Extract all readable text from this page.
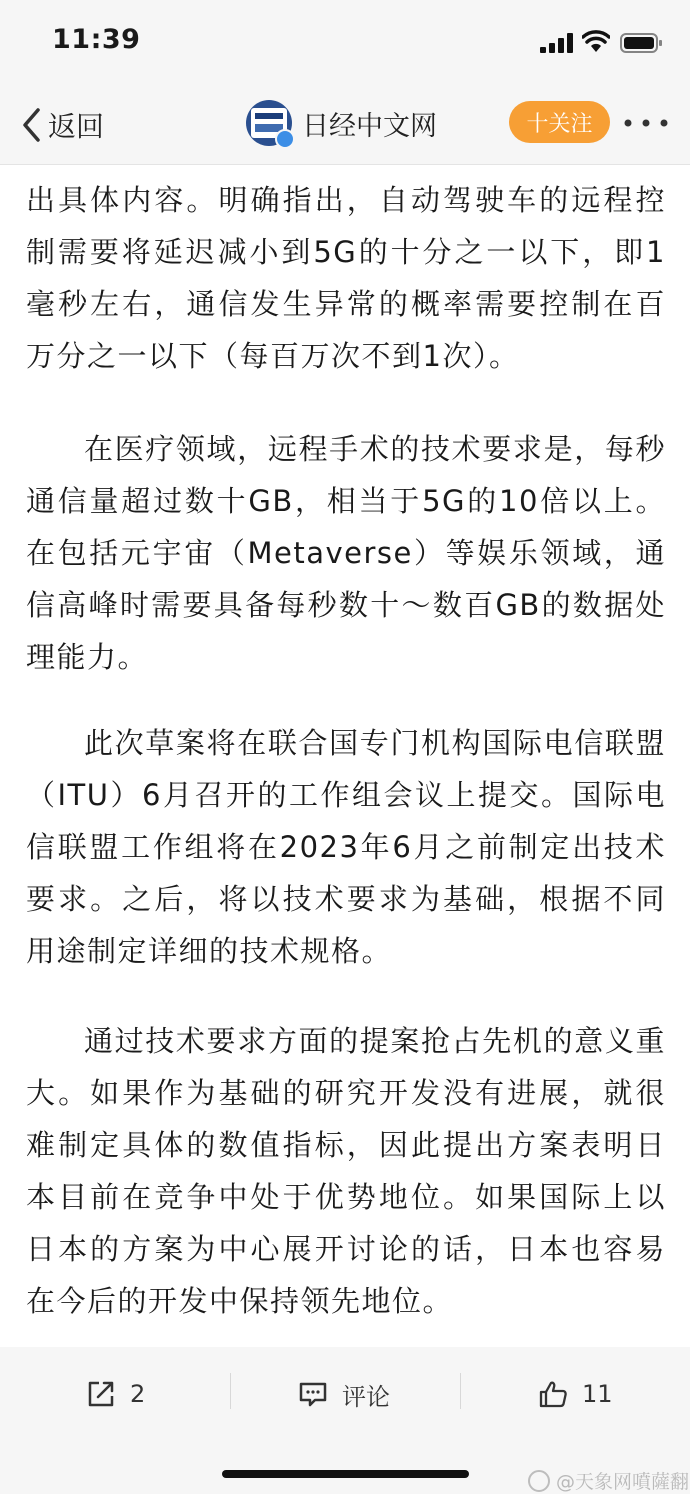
11:39
返回	日经中文网	十关注

出具体内容。明确指出，自动驾驶车的远程控制需要将延迟减小到5G的十分之一以下，即1毫秒左右，通信发生异常的概率需要控制在百万分之一以下（每百万次不到1次）。

在医疗领域，远程手术的技术要求是，每秒通信量超过数十GB，相当于5G的10倍以上。在包括元宇宙（Metaverse）等娱乐领域，通信高峰时需要具备每秒数十～数百GB的数据处理能力。

此次草案将在联合国专门机构国际电信联盟（ITU）6月召开的工作组会议上提交。国际电信联盟工作组将在2023年6月之前制定出技术要求。之后，将以技术要求为基础，根据不同用途制定详细的技术规格。

通过技术要求方面的提案抢占先机的意义重大。如果作为基础的研究开发没有进展，就很难制定具体的数值指标，因此提出方案表明日本目前在竞争中处于优势地位。如果国际上以日本的方案为中心展开讨论的话，日本也容易在今后的开发中保持领先地位。

2	评论	11
@天象网噴薩翻
